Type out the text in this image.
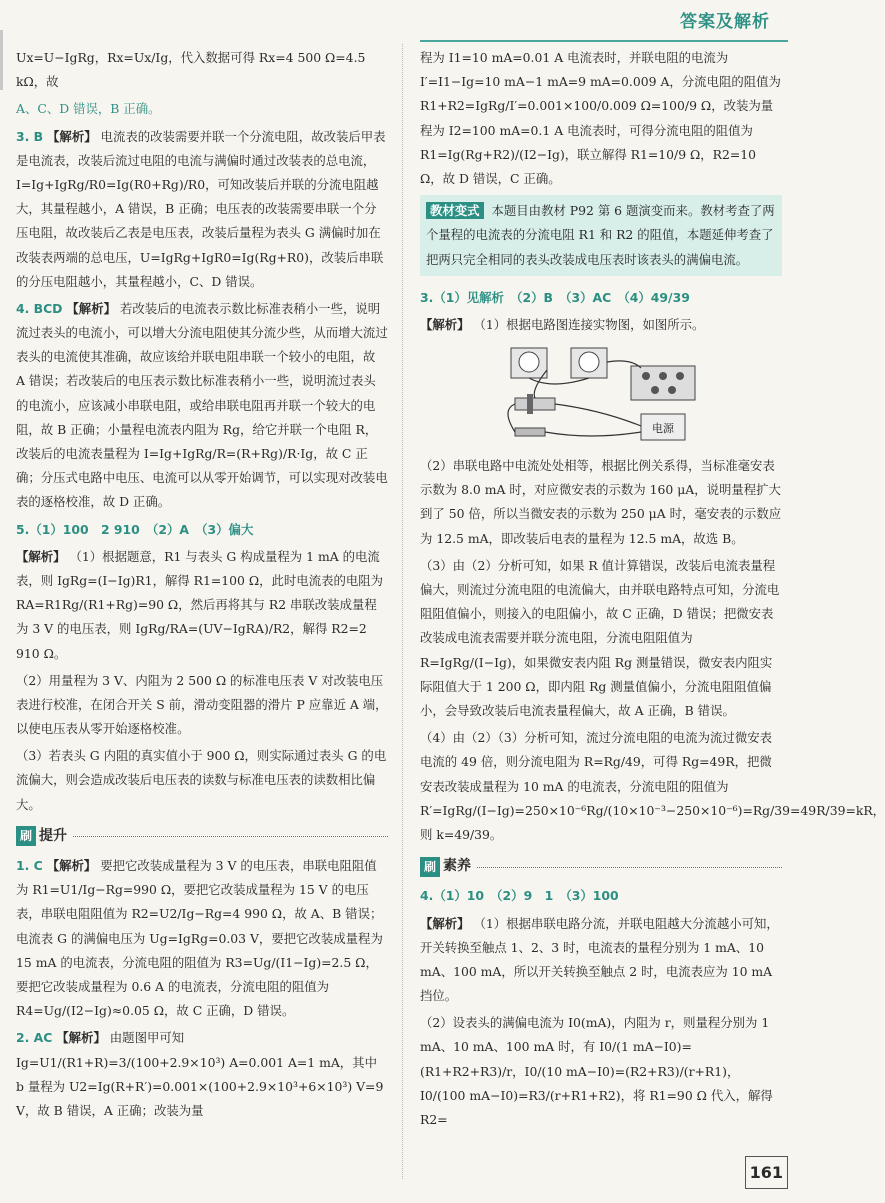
答案及解析

Ux=U−IgRg，Rx=Ux/Ig，代入数据可得 Rx=4 500 Ω=4.5 kΩ，故

A、C、D 错误，B 正确。

3. B 【解析】 电流表的改装需要并联一个分流电阻，故改装后甲表是电流表，改装后流过电阻的电流与满偏时通过改装表的总电流，I=Ig+IgRg/R0=Ig(R0+Rg)/R0，可知改装后并联的分流电阻越大，其量程越小，A 错误，B 正确；电压表的改装需要串联一个分压电阻，故改装后乙表是电压表，改装后量程为表头 G 满偏时加在改装表两端的总电压，U=IgRg+IgR0=Ig(Rg+R0)，改装后串联的分压电阻越小，其量程越小，C、D 错误。

4. BCD 【解析】 若改装后的电流表示数比标准表稍小一些，说明流过表头的电流小，可以增大分流电阻使其分流少些，从而增大流过表头的电流使其准确，故应该给并联电阻串联一个较小的电阻，故 A 错误；若改装后的电压表示数比标准表稍小一些，说明流过表头的电流小，应该减小串联电阻，或给串联电阻再并联一个较大的电阻，故 B 正确；小量程电流表内阻为 Rg，给它并联一个电阻 R，改装后的电流表量程为 I=Ig+IgRg/R=(R+Rg)/R·Ig，故 C 正确；分压式电路中电压、电流可以从零开始调节，可以实现对改装电表的逐格校准，故 D 正确。

5.（1）100　2 910　（2）A　（3）偏大

【解析】 （1）根据题意，R1 与表头 G 构成量程为 1 mA 的电流表，则 IgRg=(I−Ig)R1，解得 R1=100 Ω，此时电流表的电阻为 RA=R1Rg/(R1+Rg)=90 Ω，然后再将其与 R2 串联改装成量程为 3 V 的电压表，则 IgRg/RA=(UV−IgRA)/R2，解得 R2=2 910 Ω。

（2）用量程为 3 V、内阻为 2 500 Ω 的标准电压表 V 对改装电压表进行校准，在闭合开关 S 前，滑动变阻器的滑片 P 应靠近 A 端，以使电压表从零开始逐格校准。

（3）若表头 G 内阻的真实值小于 900 Ω，则实际通过表头 G 的电流偏大，则会造成改装后电压表的读数与标准电压表的读数相比偏大。

刷 提升

1. C 【解析】 要把它改装成量程为 3 V 的电压表，串联电阻阻值为 R1=U1/Ig−Rg=990 Ω，要把它改装成量程为 15 V 的电压表，串联电阻阻值为 R2=U2/Ig−Rg=4 990 Ω，故 A、B 错误；电流表 G 的满偏电压为 Ug=IgRg=0.03 V，要把它改装成量程为 15 mA 的电流表，分流电阻的阻值为 R3=Ug/(I1−Ig)=2.5 Ω，要把它改装成量程为 0.6 A 的电流表，分流电阻的阻值为 R4=Ug/(I2−Ig)≈0.05 Ω，故 C 正确，D 错误。

2. AC 【解析】 由题图甲可知 Ig=U1/(R1+R)=3/(100+2.9×10³) A=0.001 A=1 mA，其中 b 量程为 U2=Ig(R+R′)=0.001×(100+2.9×10³+6×10³) V=9 V，故 B 错误，A 正确；改装为量

程为 I1=10 mA=0.01 A 电流表时，并联电阻的电流为 I′=I1−Ig=10 mA−1 mA=9 mA=0.009 A，分流电阻的阻值为 R1+R2=IgRg/I′=0.001×100/0.009 Ω=100/9 Ω，改装为量程为 I2=100 mA=0.1 A 电流表时，可得分流电阻的阻值为 R1=Ig(Rg+R2)/(I2−Ig)，联立解得 R1=10/9 Ω，R2=10 Ω，故 D 错误，C 正确。

教材变式 本题目由教材 P92 第 6 题演变而来。教材考查了两个量程的电流表的分流电阻 R1 和 R2 的阻值，本题延伸考查了把两只完全相同的表头改装成电压表时该表头的满偏电流。

3.（1）见解析　（2）B　（3）AC　（4）49/39

【解析】 （1）根据电路图连接实物图，如图所示。

电源

（2）串联电路中电流处处相等，根据比例关系得，当标准毫安表示数为 8.0 mA 时，对应微安表的示数为 160 μA，说明量程扩大到了 50 倍，所以当微安表的示数为 250 μA 时，毫安表的示数应为 12.5 mA，即改装后电表的量程为 12.5 mA，故选 B。

（3）由（2）分析可知，如果 R 值计算错误，改装后电流表量程偏大，则流过分流电阻的电流偏大，由并联电路特点可知，分流电阻阻值偏小，则接入的电阻偏小，故 C 正确，D 错误；把微安表改装成电流表需要并联分流电阻，分流电阻阻值为 R=IgRg/(I−Ig)，如果微安表内阻 Rg 测量错误，微安表内阻实际阻值大于 1 200 Ω，即内阻 Rg 测量值偏小，分流电阻阻值偏小，会导致改装后电流表量程偏大，故 A 正确，B 错误。

（4）由（2）（3）分析可知，流过分流电阻的电流为流过微安表电流的 49 倍，则分流电阻为 R=Rg/49，可得 Rg=49R，把微安表改装成量程为 10 mA 的电流表，分流电阻的阻值为 R′=IgRg/(I−Ig)=250×10⁻⁶Rg/(10×10⁻³−250×10⁻⁶)=Rg/39=49R/39=kR，则 k=49/39。

刷 素养

4.（1）10　（2）9　1　（3）100

【解析】 （1）根据串联电路分流，并联电阻越大分流越小可知，开关转换至触点 1、2、3 时，电流表的量程分别为 1 mA、10 mA、100 mA，所以开关转换至触点 2 时，电流表应为 10 mA 挡位。

（2）设表头的满偏电流为 I0(mA)，内阻为 r，则量程分别为 1 mA、10 mA、100 mA 时，有 I0/(1 mA−I0)=(R1+R2+R3)/r，I0/(10 mA−I0)=(R2+R3)/(r+R1)，I0/(100 mA−I0)=R3/(r+R1+R2)，将 R1=90 Ω 代入，解得 R2=

161
